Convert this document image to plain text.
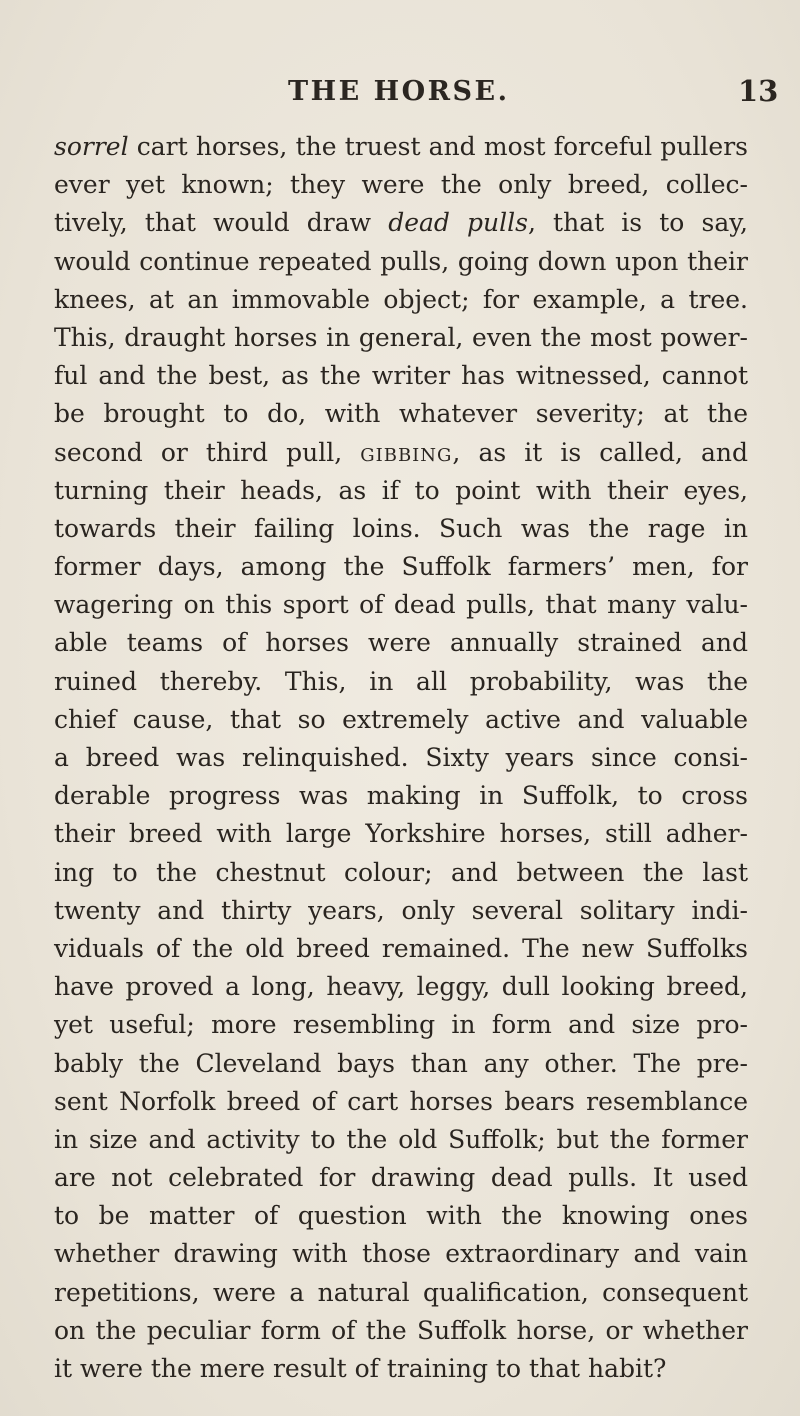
THE HORSE.	13
sorrel cart horses, the truest and most forceful pullers
ever yet known; they were the only breed, collec-
tively, that would draw dead pulls, that is to say,
would continue repeated pulls, going down upon their
knees, at an immovable object; for example, a tree.
This, draught horses in general, even the most power-
ful and the best, as the writer has witnessed, cannot
be brought to do, with whatever severity; at the
second or third pull, gibbing, as it is called, and
turning their heads, as if to point with their eyes,
towards their failing loins. Such was the rage in
former days, among the Suffolk farmers’ men, for
wagering on this sport of dead pulls, that many valu-
able teams of horses were annually strained and
ruined thereby. This, in all probability, was the
chief cause, that so extremely active and valuable
a breed was relinquished. Sixty years since consi-
derable progress was making in Suffolk, to cross
their breed with large Yorkshire horses, still adher-
ing to the chestnut colour; and between the last
twenty and thirty years, only several solitary indi-
viduals of the old breed remained. The new Suffolks
have proved a long, heavy, leggy, dull looking breed,
yet useful; more resembling in form and size pro-
bably the Cleveland bays than any other. The pre-
sent Norfolk breed of cart horses bears resemblance
in size and activity to the old Suffolk; but the former
are not celebrated for drawing dead pulls. It used
to be matter of question with the knowing ones
whether drawing with those extraordinary and vain
repetitions, were a natural qualification, consequent
on the peculiar form of the Suffolk horse, or whether
it were the mere result of training to that habit?
